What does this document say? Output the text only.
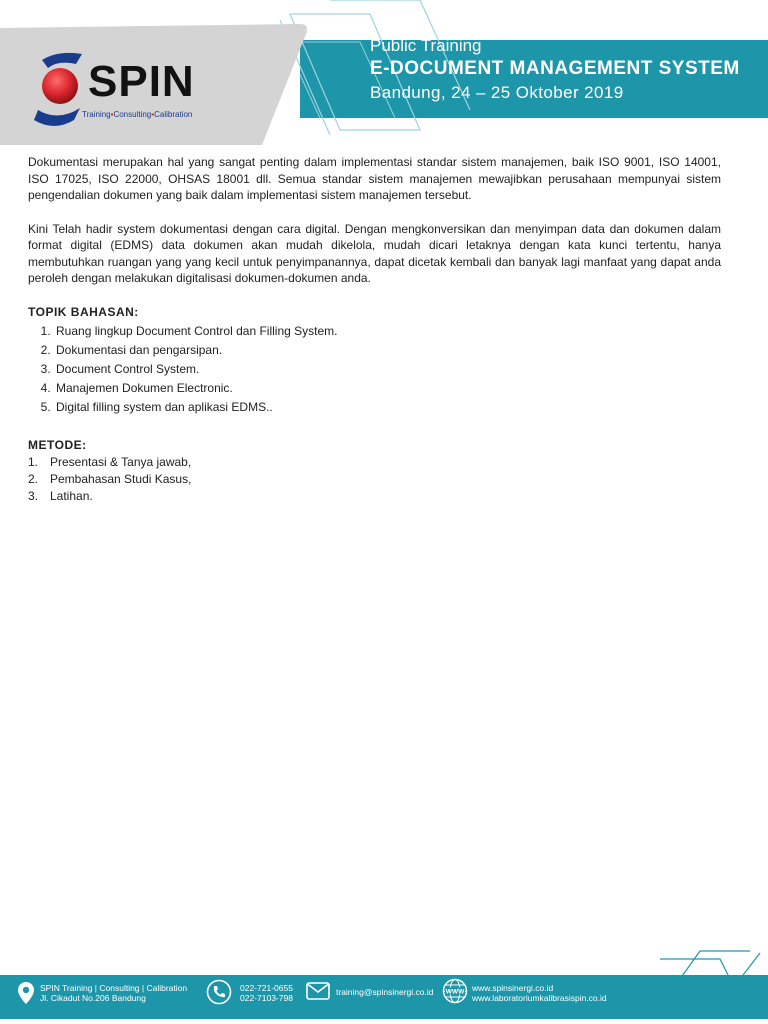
SPIN
Training▪Consulting▪Calibration
Public Training
E-DOCUMENT MANAGEMENT SYSTEM
Bandung, 24 – 25 Oktober 2019

Dokumentasi merupakan hal yang sangat penting dalam implementasi standar sistem manajemen, baik ISO 9001, ISO 14001, ISO 17025, ISO 22000, OHSAS 18001 dll. Semua standar sistem manajemen mewajibkan perusahaan mempunyai sistem pengendalian dokumen yang baik dalam implementasi sistem manajemen tersebut.

Kini Telah hadir system dokumentasi dengan cara digital. Dengan mengkonversikan dan menyimpan data dan dokumen dalam format digital (EDMS) data dokumen akan mudah dikelola, mudah dicari letaknya dengan kata kunci tertentu, hanya membutuhkan ruangan yang yang kecil untuk penyimpanannya, dapat dicetak kembali dan banyak lagi manfaat yang dapat anda peroleh dengan melakukan digitalisasi dokumen-dokumen anda.

TOPIK BAHASAN:
1. Ruang lingkup Document Control dan Filling System.
2. Dokumentasi dan pengarsipan.
3. Document Control System.
4. Manajemen Dokumen Electronic.
5. Digital filling system dan aplikasi EDMS..
METODE:
1. Presentasi & Tanya jawab,
2. Pembahasan Studi Kasus,
3. Latihan.
SPIN Training | Consulting | Calibration
Jl. Cikadut No.206 Bandung
022-721-0655
022-7103-798
training@spinsinergi.co.id WWW www.spinsinergi.co.id
www.laboratoriumkalibrasispin.co.id
